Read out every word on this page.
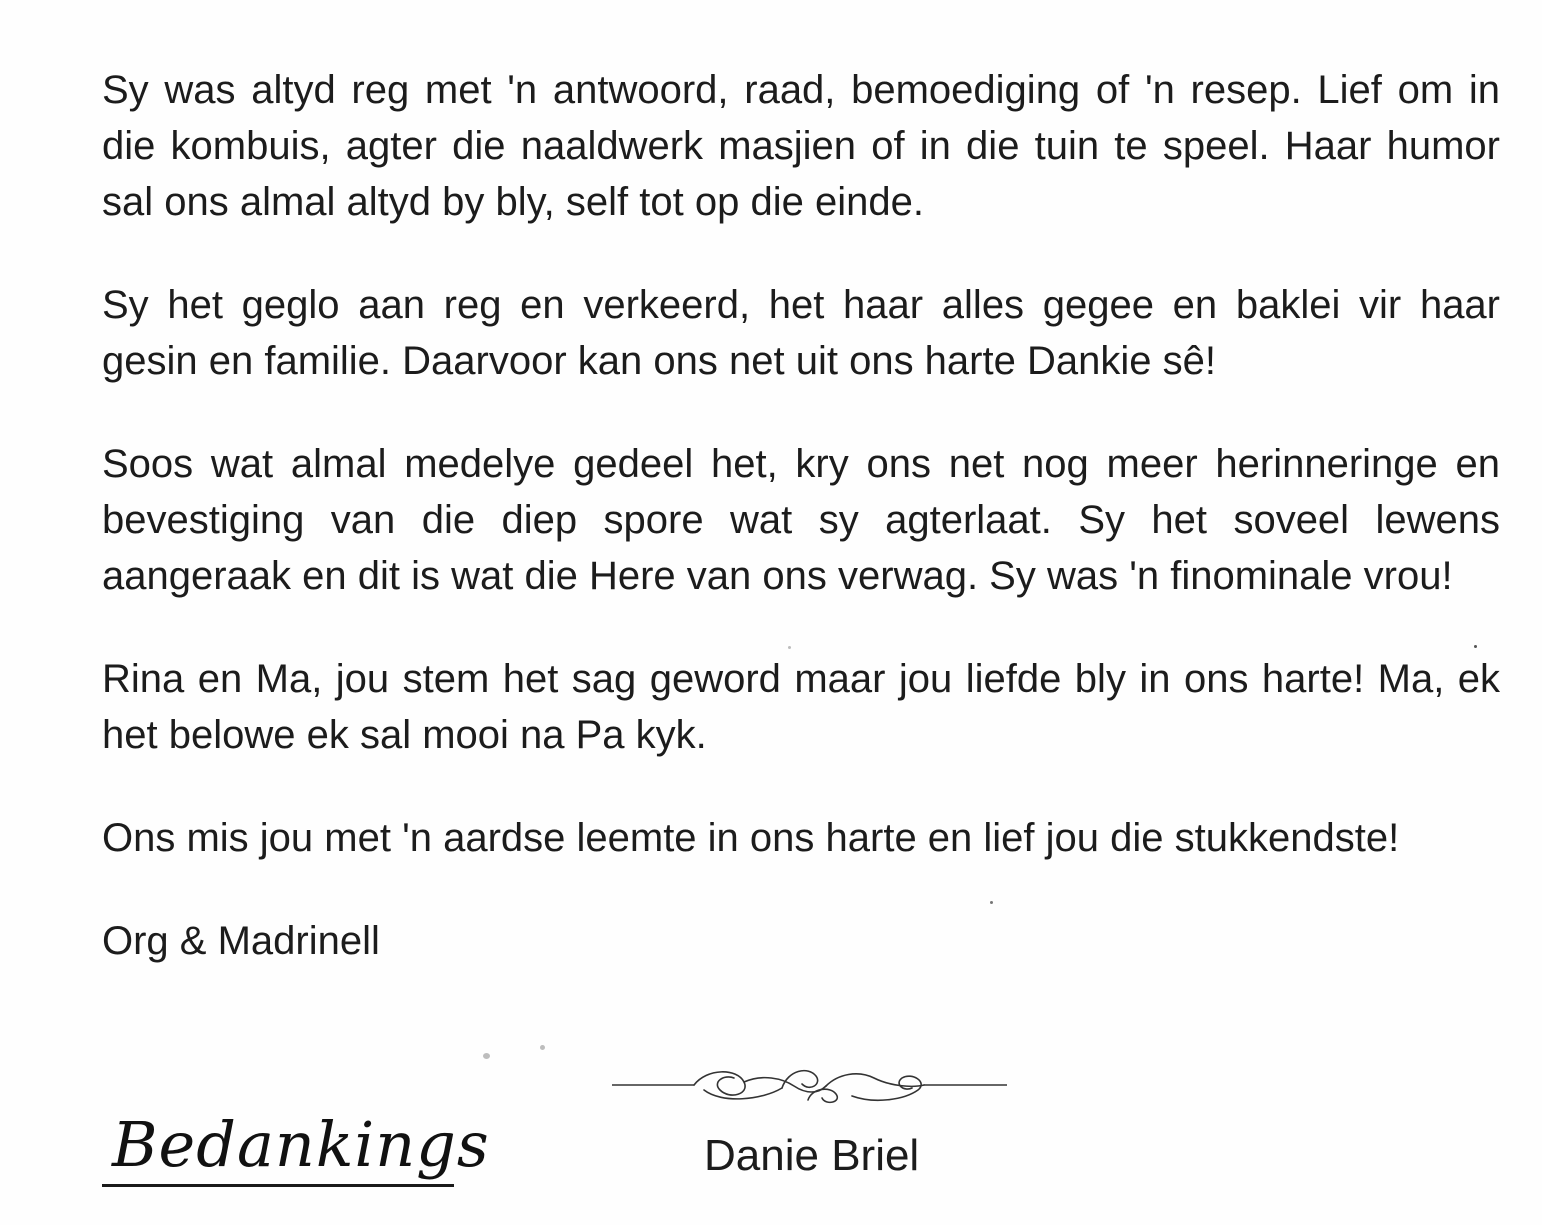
Sy was altyd reg met 'n antwoord, raad, bemoediging of 'n resep. Lief om in die kombuis, agter die naaldwerk masjien of in die tuin te speel. Haar humor sal ons almal altyd by bly, self tot op die einde.

Sy het geglo aan reg en verkeerd, het haar alles gegee en baklei vir haar gesin en familie. Daarvoor kan ons net uit ons harte Dankie sê!

Soos wat almal medelye gedeel het, kry ons net nog meer herinneringe en bevestiging van die diep spore wat sy agterlaat. Sy het soveel lewens aangeraak en dit is wat die Here van ons verwag. Sy was 'n finominale vrou!

Rina en Ma, jou stem het sag geword maar jou liefde bly in ons harte! Ma, ek het belowe ek sal mooi na Pa kyk.

Ons mis jou met 'n aardse leemte in ons harte en lief jou die stukkendste!

Org & Madrinell

Danie Briel
Bedankings
